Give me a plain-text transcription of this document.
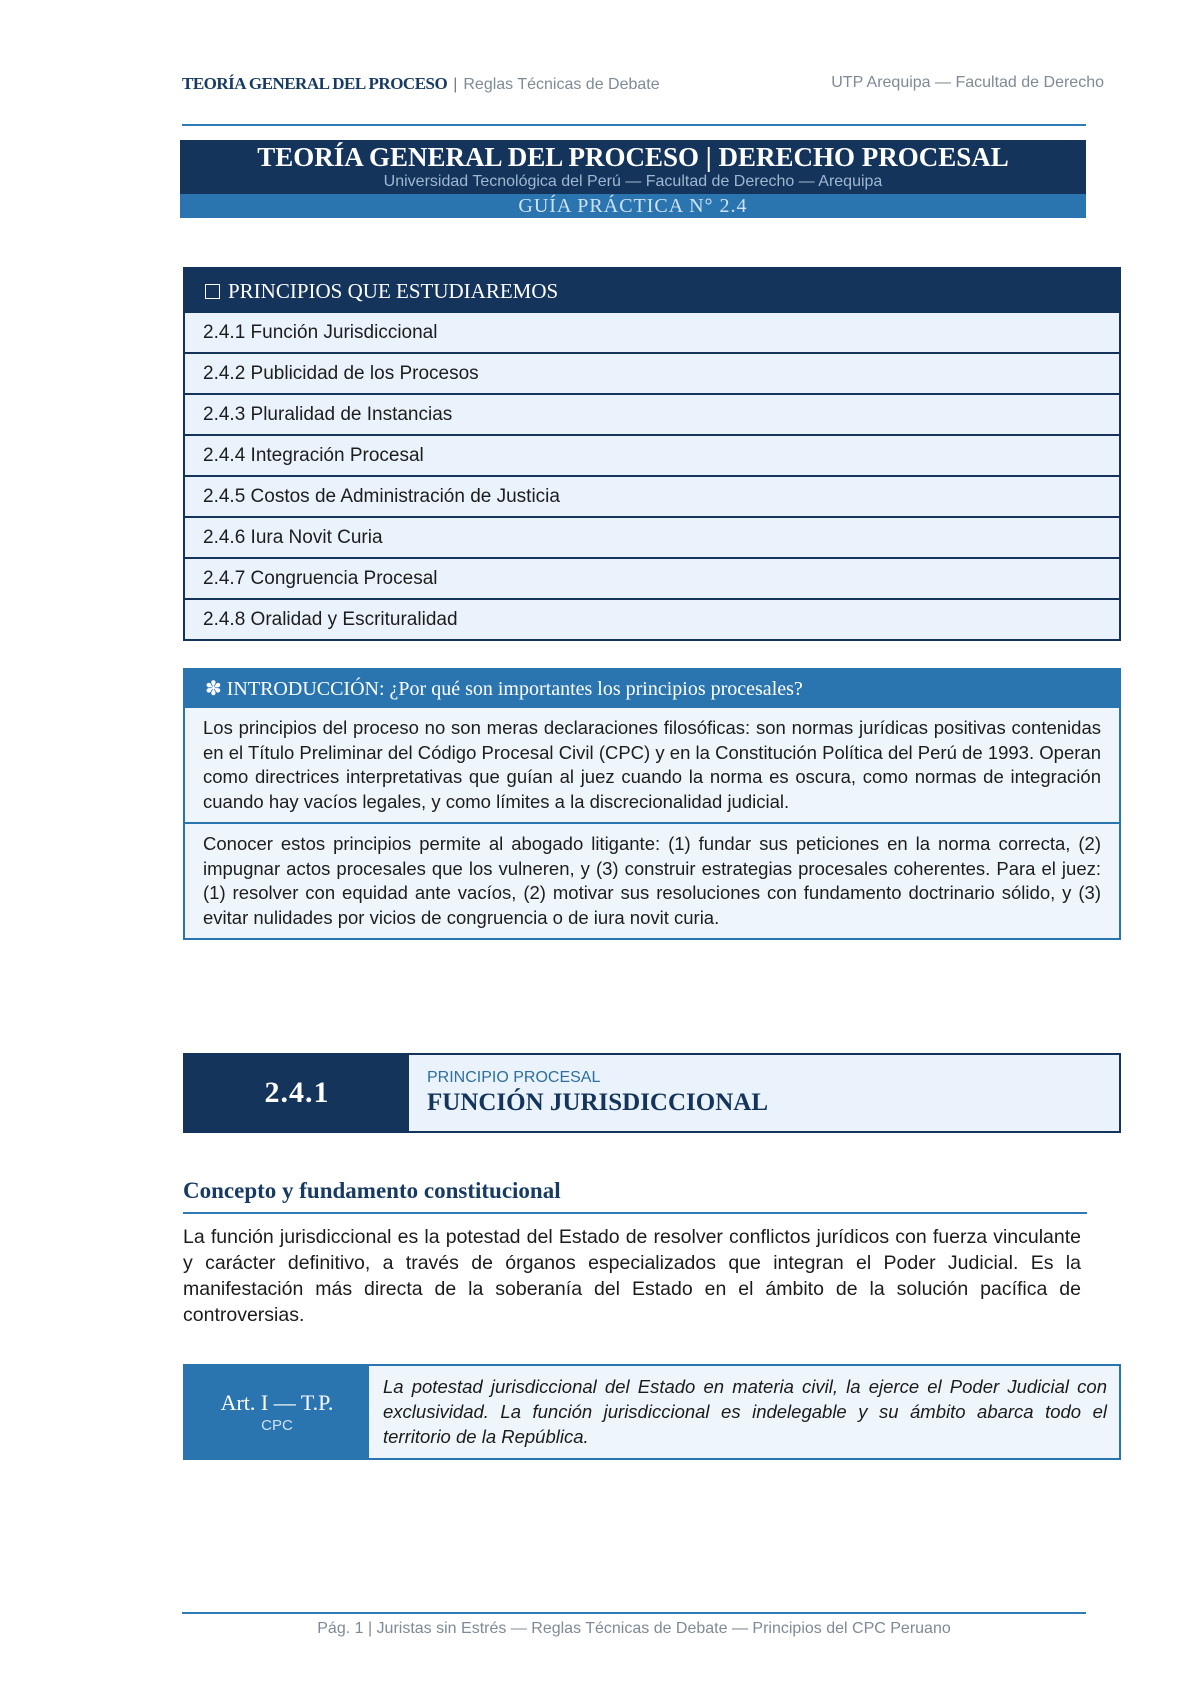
TEORÍA GENERAL DEL PROCESO | Reglas Técnicas de Debate	UTP Arequipa — Facultad de Derecho
TEORÍA GENERAL DEL PROCESO | DERECHO PROCESAL
Universidad Tecnológica del Perú — Facultad de Derecho — Arequipa
GUÍA PRÁCTICA N° 2.4
PRINCIPIOS QUE ESTUDIAREMOS
2.4.1 Función Jurisdiccional
2.4.2 Publicidad de los Procesos
2.4.3 Pluralidad de Instancias
2.4.4 Integración Procesal
2.4.5 Costos de Administración de Justicia
2.4.6 Iura Novit Curia
2.4.7 Congruencia Procesal
2.4.8 Oralidad y Escrituralidad
✽ INTRODUCCIÓN: ¿Por qué son importantes los principios procesales?

Los principios del proceso no son meras declaraciones filosóficas: son normas jurídicas positivas contenidas en el Título Preliminar del Código Procesal Civil (CPC) y en la Constitución Política del Perú de 1993. Operan como directrices interpretativas que guían al juez cuando la norma es oscura, como normas de integración cuando hay vacíos legales, y como límites a la discrecionalidad judicial.

Conocer estos principios permite al abogado litigante: (1) fundar sus peticiones en la norma correcta, (2) impugnar actos procesales que los vulneren, y (3) construir estrategias procesales coherentes. Para el juez: (1) resolver con equidad ante vacíos, (2) motivar sus resoluciones con fundamento doctrinario sólido, y (3) evitar nulidades por vicios de congruencia o de iura novit curia.

2.4.1	PRINCIPIO PROCESAL
FUNCIÓN JURISDICCIONAL
Concepto y fundamento constitucional

La función jurisdiccional es la potestad del Estado de resolver conflictos jurídicos con fuerza vinculante y carácter definitivo, a través de órganos especializados que integran el Poder Judicial. Es la manifestación más directa de la soberanía del Estado en el ámbito de la solución pacífica de controversias.

Art. I — T.P.
CPC
La potestad jurisdiccional del Estado en materia civil, la ejerce el Poder Judicial con exclusividad. La función jurisdiccional es indelegable y su ámbito abarca todo el territorio de la República.
Pág. 1 | Juristas sin Estrés — Reglas Técnicas de Debate — Principios del CPC Peruano
